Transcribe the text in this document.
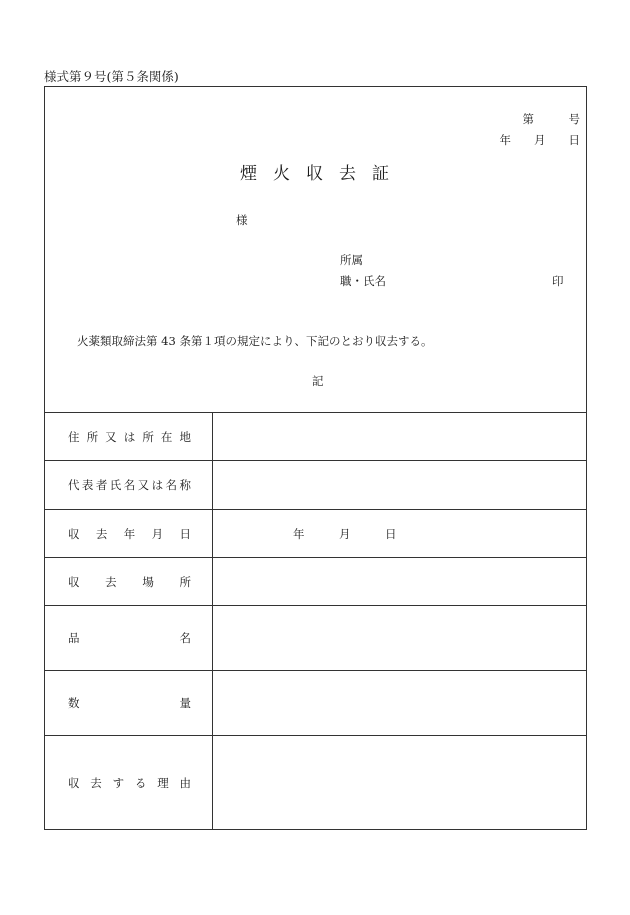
様式第９号(第５条関係)
第　　　号
年　　月　　日
煙火収去証
様
所属
職・氏名	印
火薬類取締法第 43 条第１項の規定により、下記のとおり収去する。
記
住所又は所在地
代表者氏名又は名称
収去年月日	年　　　月　　　日
収去場所
品名
数量
収去する理由
